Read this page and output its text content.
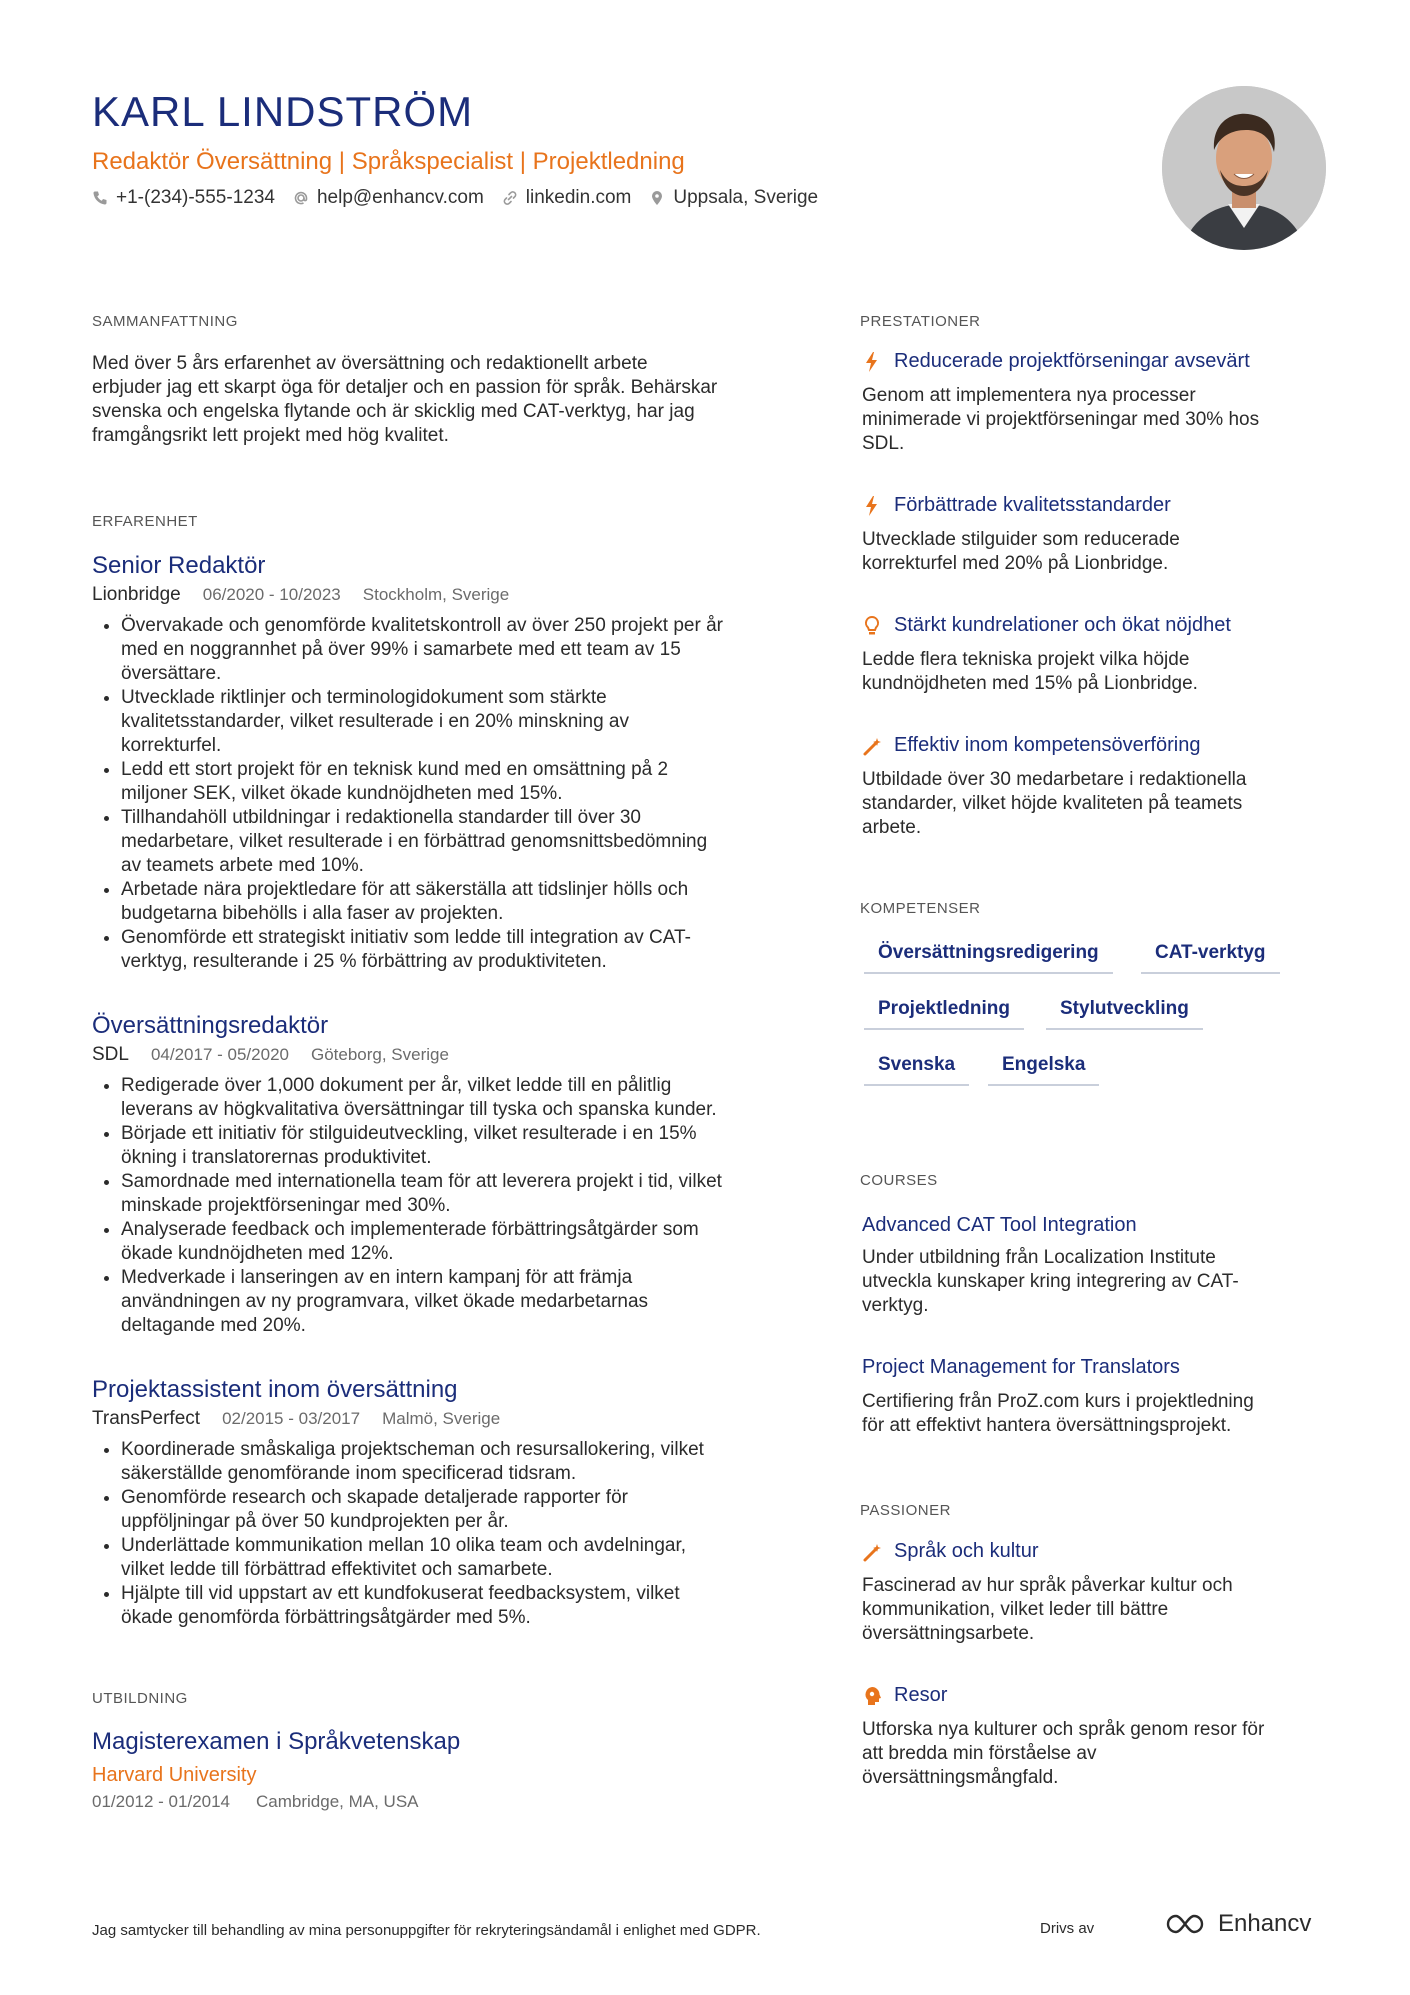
KARL LINDSTRÖM
Redaktör Översättning | Språkspecialist | Projektledning
+1-(234)-555-1234 help@enhancv.com linkedin.com Uppsala, Sverige
SAMMANFATTNING
Med över 5 års erfarenhet av översättning och redaktionellt arbete
erbjuder jag ett skarpt öga för detaljer och en passion för språk. Behärskar
svenska och engelska flytande och är skicklig med CAT-verktyg, har jag
framgångsrikt lett projekt med hög kvalitet.
ERFARENHET
Senior Redaktör
Lionbridge 06/2020 - 10/2023 Stockholm, Sverige
• Övervakade och genomförde kvalitetskontroll av över 250 projekt per år
med en noggrannhet på över 99% i samarbete med ett team av 15
översättare.
• Utvecklade riktlinjer och terminologidokument som stärkte
kvalitetsstandarder, vilket resulterade i en 20% minskning av
korrekturfel.
• Ledd ett stort projekt för en teknisk kund med en omsättning på 2
miljoner SEK, vilket ökade kundnöjdheten med 15%.
• Tillhandahöll utbildningar i redaktionella standarder till över 30
medarbetare, vilket resulterade i en förbättrad genomsnittsbedömning
av teamets arbete med 10%.
• Arbetade nära projektledare för att säkerställa att tidslinjer hölls och
budgetarna bibehölls i alla faser av projekten.
• Genomförde ett strategiskt initiativ som ledde till integration av CAT-
verktyg, resulterande i 25 % förbättring av produktiviteten.
Översättningsredaktör
SDL 04/2017 - 05/2020 Göteborg, Sverige
• Redigerade över 1,000 dokument per år, vilket ledde till en pålitlig
leverans av högkvalitativa översättningar till tyska och spanska kunder.
• Började ett initiativ för stilguideutveckling, vilket resulterade i en 15%
ökning i translatorernas produktivitet.
• Samordnade med internationella team för att leverera projekt i tid, vilket
minskade projektförseningar med 30%.
• Analyserade feedback och implementerade förbättringsåtgärder som
ökade kundnöjdheten med 12%.
• Medverkade i lanseringen av en intern kampanj för att främja
användningen av ny programvara, vilket ökade medarbetarnas
deltagande med 20%.
Projektassistent inom översättning
TransPerfect 02/2015 - 03/2017 Malmö, Sverige
• Koordinerade småskaliga projektscheman och resursallokering, vilket
säkerställde genomförande inom specificerad tidsram.
• Genomförde research och skapade detaljerade rapporter för
uppföljningar på över 50 kundprojekten per år.
• Underlättade kommunikation mellan 10 olika team och avdelningar,
vilket ledde till förbättrad effektivitet och samarbete.
• Hjälpte till vid uppstart av ett kundfokuserat feedbacksystem, vilket
ökade genomförda förbättringsåtgärder med 5%.
UTBILDNING
Magisterexamen i Språkvetenskap
Harvard University
01/2012 - 01/2014 Cambridge, MA, USA
PRESTATIONER
Reducerade projektförseningar avsevärt
Genom att implementera nya processer
minimerade vi projektförseningar med 30% hos
SDL.
Förbättrade kvalitetsstandarder
Utvecklade stilguider som reducerade
korrekturfel med 20% på Lionbridge.
Stärkt kundrelationer och ökat nöjdhet
Ledde flera tekniska projekt vilka höjde
kundnöjdheten med 15% på Lionbridge.
Effektiv inom kompetensöverföring
Utbildade över 30 medarbetare i redaktionella
standarder, vilket höjde kvaliteten på teamets
arbete.
KOMPETENSER
Översättningsredigering	CAT-verktyg
Projektledning	Stylutveckling
Svenska	Engelska
COURSES
Advanced CAT Tool Integration
Under utbildning från Localization Institute
utveckla kunskaper kring integrering av CAT-
verktyg.
Project Management for Translators
Certifiering från ProZ.com kurs i projektledning
för att effektivt hantera översättningsprojekt.
PASSIONER
Språk och kultur
Fascinerad av hur språk påverkar kultur och
kommunikation, vilket leder till bättre
översättningsarbete.
Resor
Utforska nya kulturer och språk genom resor för
att bredda min förståelse av
översättningsmångfald.
Jag samtycker till behandling av mina personuppgifter för rekryteringsändamål i enlighet med GDPR.	Drivs av	Enhancv
